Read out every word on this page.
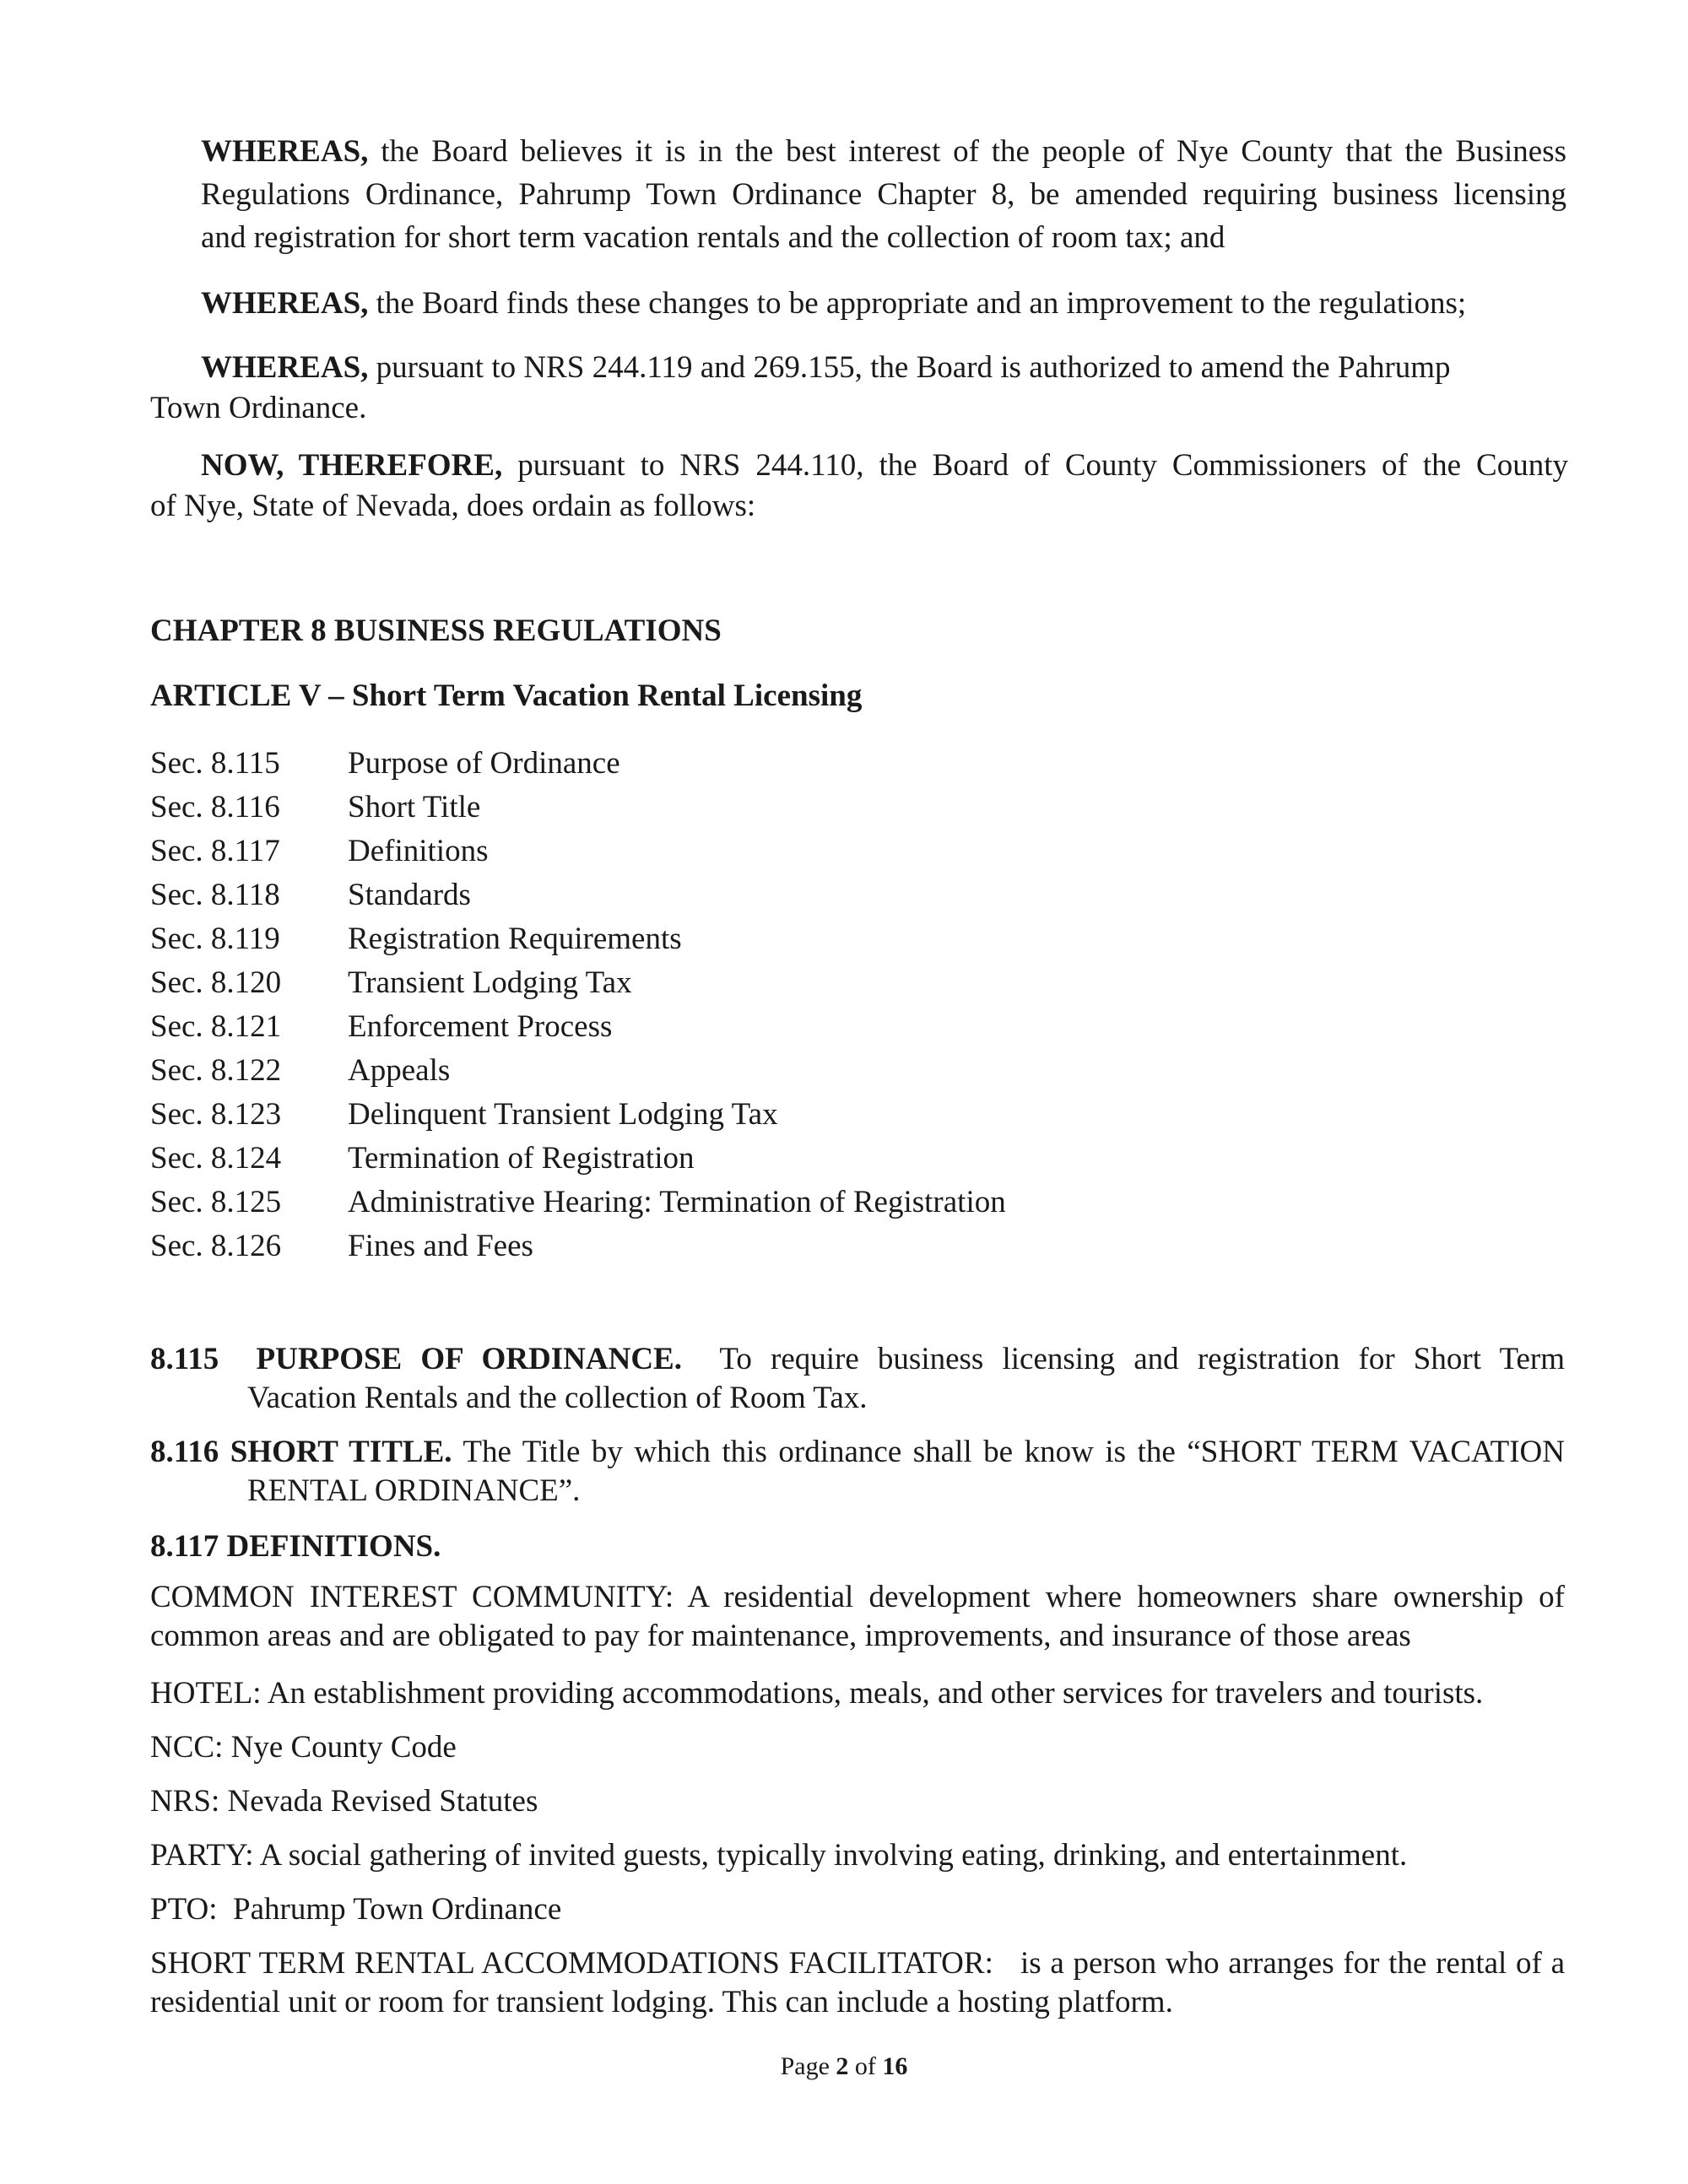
WHEREAS, the Board believes it is in the best interest of the people of Nye County that the Business
Regulations Ordinance, Pahrump Town Ordinance Chapter 8, be amended requiring business licensing
and registration for short term vacation rentals and the collection of room tax; and
WHEREAS, the Board finds these changes to be appropriate and an improvement to the regulations;
WHEREAS, pursuant to NRS 244.119 and 269.155, the Board is authorized to amend the Pahrump
Town Ordinance.
NOW, THEREFORE, pursuant to NRS 244.110, the Board of County Commissioners of the County
of Nye, State of Nevada, does ordain as follows:
CHAPTER 8 BUSINESS REGULATIONS
ARTICLE V – Short Term Vacation Rental Licensing
Sec. 8.115 Purpose of Ordinance
Sec. 8.116 Short Title
Sec. 8.117 Definitions
Sec. 8.118 Standards
Sec. 8.119 Registration Requirements
Sec. 8.120 Transient Lodging Tax
Sec. 8.121 Enforcement Process
Sec. 8.122 Appeals
Sec. 8.123 Delinquent Transient Lodging Tax
Sec. 8.124 Termination of Registration
Sec. 8.125 Administrative Hearing: Termination of Registration
Sec. 8.126 Fines and Fees
8.115 PURPOSE OF ORDINANCE. To require business licensing and registration for Short Term
Vacation Rentals and the collection of Room Tax.
8.116 SHORT TITLE. The Title by which this ordinance shall be know is the “SHORT TERM VACATION
RENTAL ORDINANCE”.
8.117 DEFINITIONS.
COMMON INTEREST COMMUNITY: A residential development where homeowners share ownership of common areas and are obligated to pay for maintenance, improvements, and insurance of those areas
HOTEL: An establishment providing accommodations, meals, and other services for travelers and tourists.
NCC: Nye County Code
NRS: Nevada Revised Statutes
PARTY: A social gathering of invited guests, typically involving eating, drinking, and entertainment.
PTO:  Pahrump Town Ordinance
SHORT TERM RENTAL ACCOMMODATIONS FACILITATOR:   is a person who arranges for the rental of a residential unit or room for transient lodging. This can include a hosting platform.
Page 2 of 16
